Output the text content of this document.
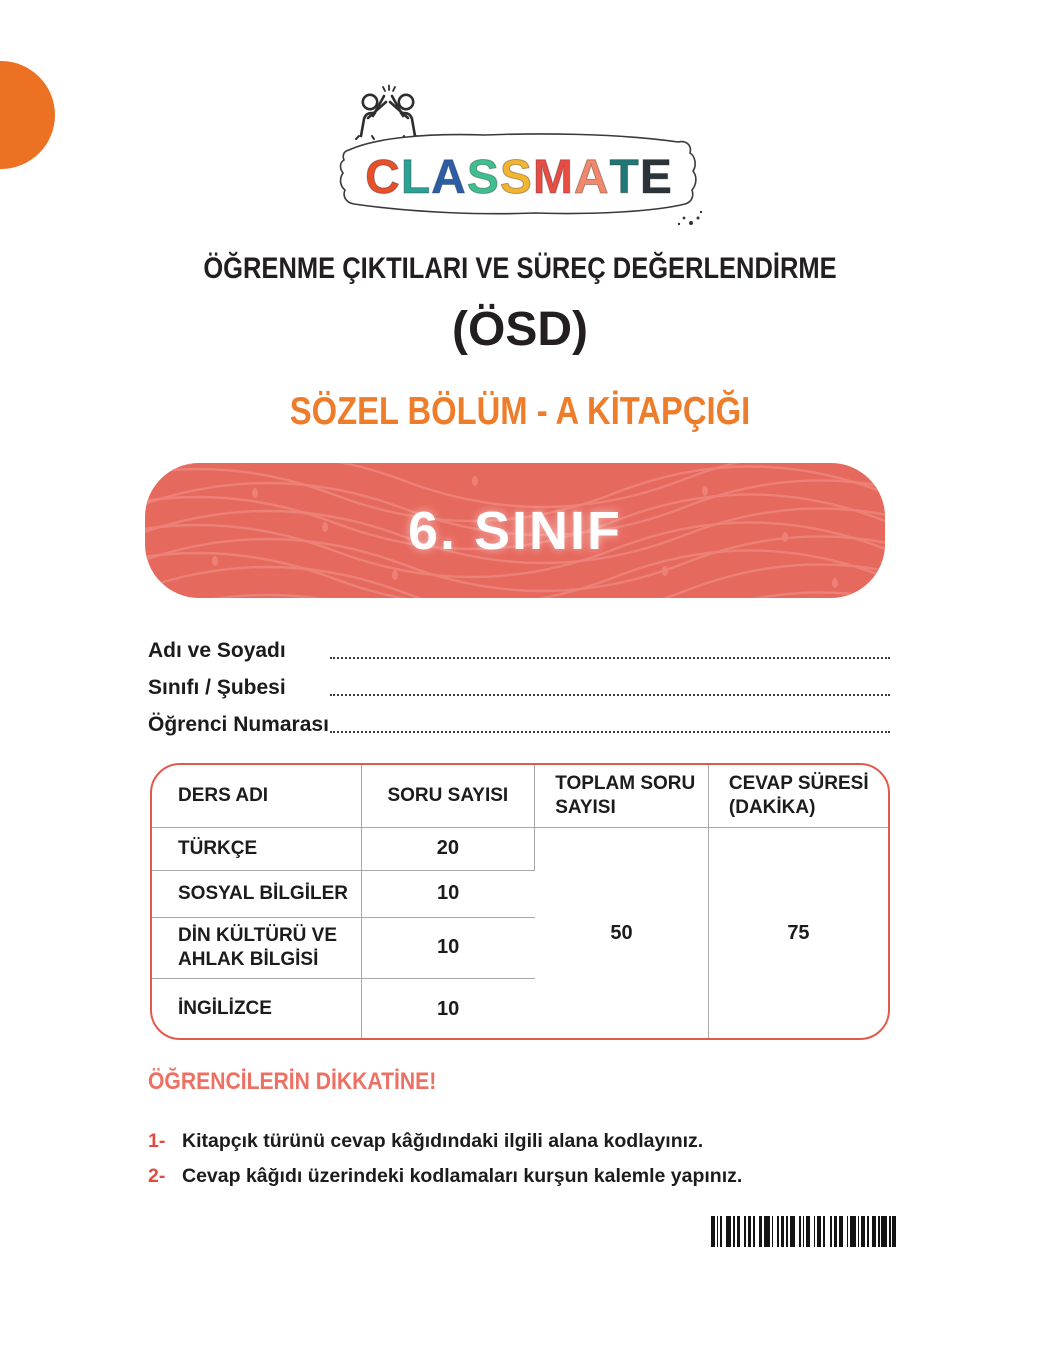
C L A S S M A T E
ÖĞRENME ÇIKTILARI VE SÜREÇ DEĞERLENDİRME
(ÖSD)
SÖZEL BÖLÜM - A KİTAPÇIĞI
6. SINIF
Adı ve Soyadı
Sınıfı / Şubesi
Öğrenci Numarası
DERS ADI	SORU SAYISI	TOPLAM SORU SAYISI	CEVAP SÜRESİ (DAKİKA)
TÜRKÇE	20	50	75
SOSYAL BİLGİLER	10		
DİN KÜLTÜRÜ VE AHLAK BİLGİSİ	10		
İNGİLİZCE	10		
ÖĞRENCİLERİN DİKKATİNE!
1- Kitapçık türünü cevap kâğıdındaki ilgili alana kodlayınız.
2- Cevap kâğıdı üzerindeki kodlamaları kurşun kalemle yapınız.
